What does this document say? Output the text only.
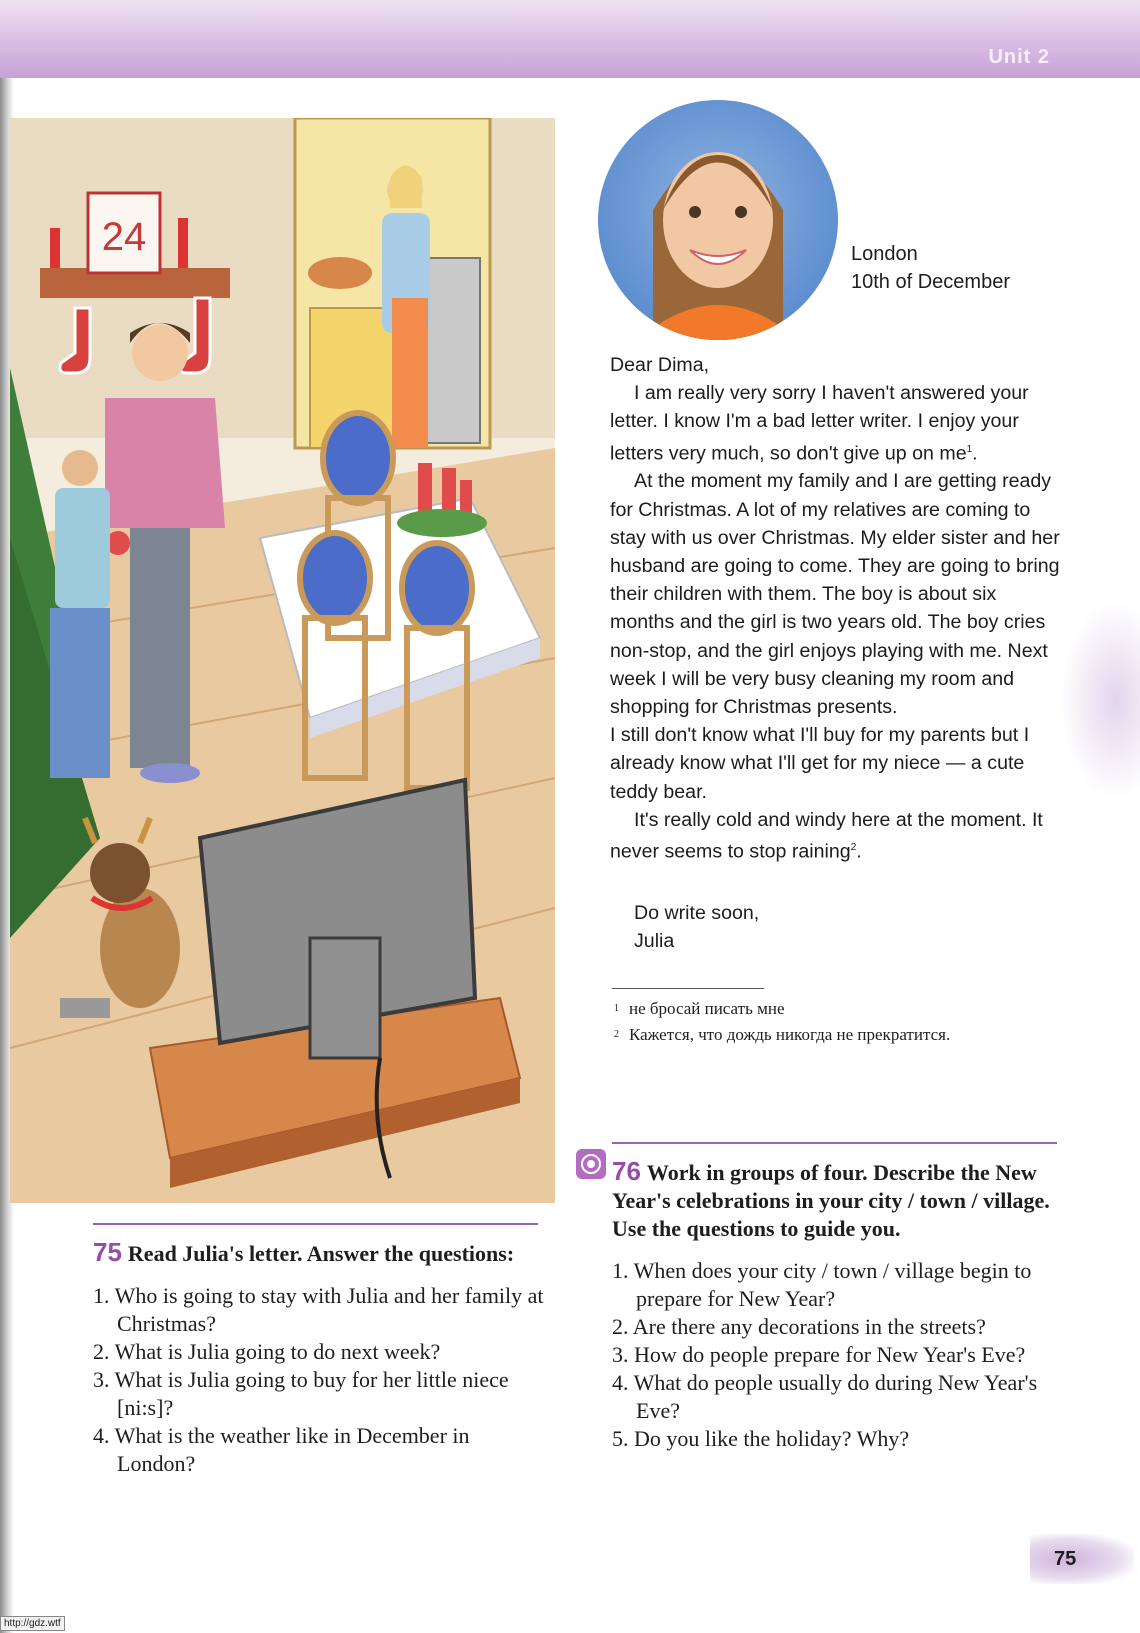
Unit 2
24	London
10th of December

Dear Dima,

I am really very sorry I haven't answered your letter. I know I'm a bad letter writer. I enjoy your letters very much, so don't give up on $me^1$.

At the moment my family and I are getting ready for Christmas. A lot of my relatives are coming to stay with us over Christmas. My elder sister and her husband are going to come. They are going to bring their children with them. The boy is about six months and the girl is two years old. The boy cries non-stop, and the girl enjoys playing with me. Next week I will be very busy cleaning my room and shopping for Christmas presents.

I still don't know what I'll buy for my parents but I already know what I'll get for my niece — a cute teddy bear.

It's really cold and windy here at the moment. It never seems to stop raining$^2$.

Do write soon,
Julia
$^1$ не бросай писать мне
$^2$ Кажется, что дождь никогда не прекратится.
75 Read Julia's letter. Answer the questions:
1. Who is going to stay with Julia and her family at Christmas?
2. What is Julia going to do next week?
3. What is Julia going to buy for her little niece [ni:s]?
4. What is the weather like in December in London?
76 Work in groups of four. Describe the New Year's celebrations in your city / town / village. Use the questions to guide you.
1. When does your city / town / village begin to prepare for New Year?
2. Are there any decorations in the streets?
3. How do people prepare for New Year's Eve?
4. What do people usually do during New Year's Eve?
5. Do you like the holiday? Why?
75
http://gdz.wtf
